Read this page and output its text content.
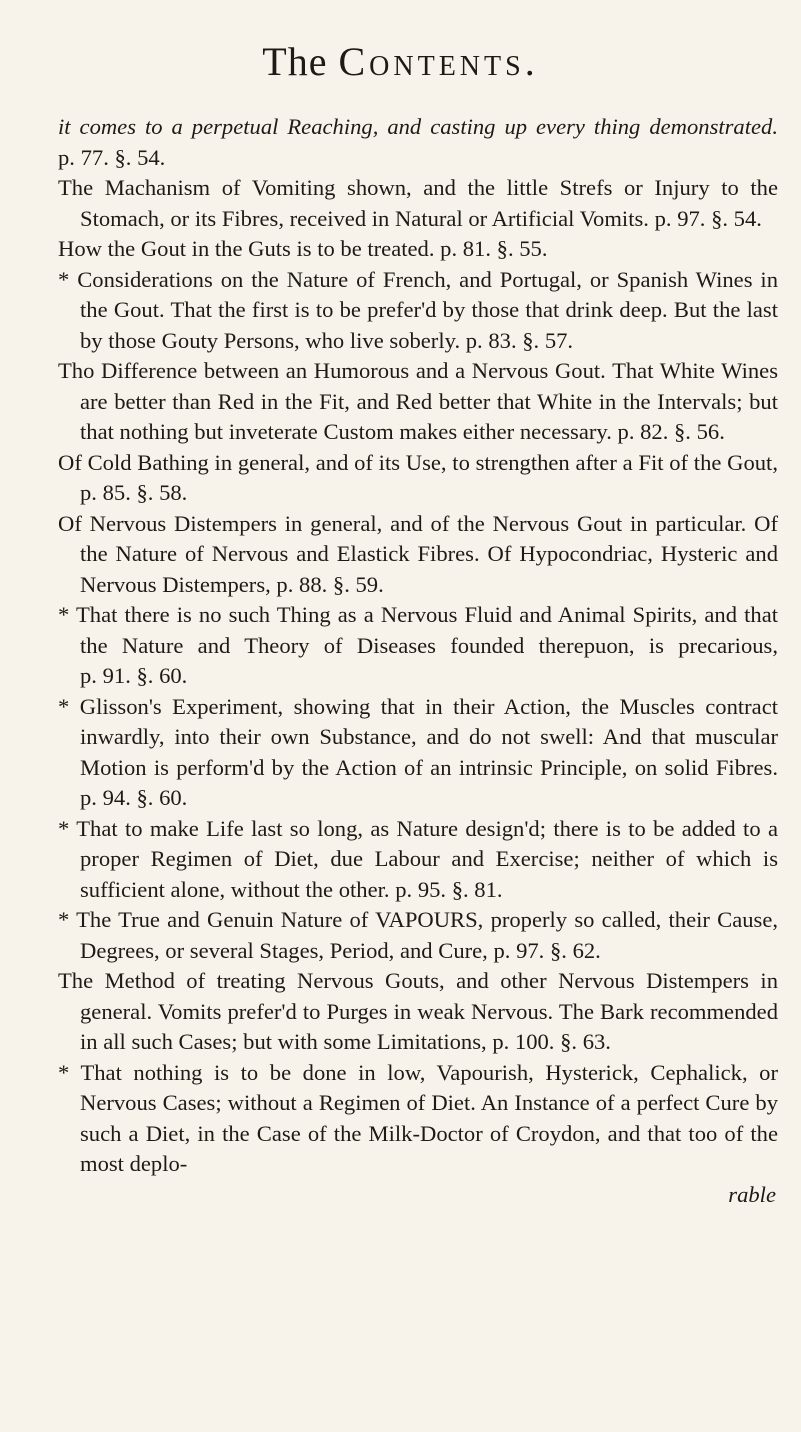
The Contents.

it comes to a perpetual Reaching, and casting up every thing demonstrated. p. 77. §. 54.

The Machanism of Vomiting shown, and the little Strefs or Injury to the Stomach, or its Fibres, received in Natural or Artificial Vomits. p. 97. §. 54.

How the Gout in the Guts is to be treated. p. 81. §. 55.

* Considerations on the Nature of French, and Portugal, or Spanish Wines in the Gout. That the first is to be prefer'd by those that drink deep. But the last by those Gouty Persons, who live soberly. p. 83. §. 57.

Tho Difference between an Humorous and a Nervous Gout. That White Wines are better than Red in the Fit, and Red better that White in the Intervals; but that nothing but inveterate Custom makes either necessary. p. 82. §. 56.

Of Cold Bathing in general, and of its Use, to strengthen after a Fit of the Gout, p. 85. §. 58.

Of Nervous Distempers in general, and of the Nervous Gout in particular. Of the Nature of Nervous and Elastick Fibres. Of Hypocondriac, Hysteric and Nervous Distempers, p. 88. §. 59.

* That there is no such Thing as a Nervous Fluid and Animal Spirits, and that the Nature and Theory of Diseases founded therepuon, is precarious, p. 91. §. 60.

* Glisson's Experiment, showing that in their Action, the Muscles contract inwardly, into their own Substance, and do not swell: And that muscular Motion is perform'd by the Action of an intrinsic Principle, on solid Fibres. p. 94. §. 60.

* That to make Life last so long, as Nature design'd; there is to be added to a proper Regimen of Diet, due Labour and Exercise; neither of which is sufficient alone, without the other. p. 95. §. 81.

* The True and Genuin Nature of VAPOURS, properly so called, their Cause, Degrees, or several Stages, Period, and Cure, p. 97. §. 62.

The Method of treating Nervous Gouts, and other Nervous Distempers in general. Vomits prefer'd to Purges in weak Nervous. The Bark recommended in all such Cases; but with some Limitations, p. 100. §. 63.

* That nothing is to be done in low, Vapourish, Hysterick, Cephalick, or Nervous Cases; without a Regimen of Diet. An Instance of a perfect Cure by such a Diet, in the Case of the Milk-Doctor of Croydon, and that too of the most deplo-

rable
